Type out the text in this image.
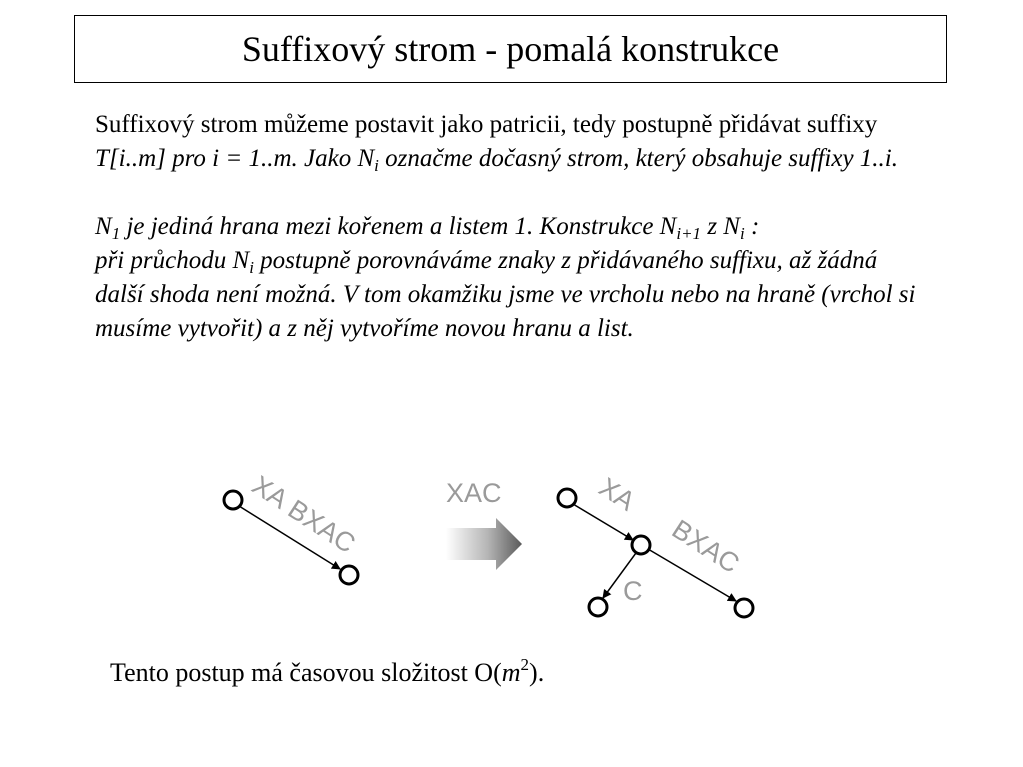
Suffixový strom - pomalá konstrukce

Suffixový strom můžeme postavit jako patricii, tedy postupně přidávat suffixy T[i..m] pro i = 1..m. Jako $N_i$ označme dočasný strom, který obsahuje suffixy 1..i.

$N_1$ je jediná hrana mezi kořenem a listem 1. Konstrukce $N_{i+1}$ z $N_i$ :

při průchodu $N_i$ postupně porovnáváme znaky z přidávaného suffixu, až žádná další shoda není možná. V tom okamžiku jsme ve vrcholu nebo na hraně (vrchol si musíme vytvořit) a z něj vytvoříme novou hranu a list.

XA
BXAC
XAC	XA
BXAC
C
Tento postup má časovou složitost $O(m^2)$.
